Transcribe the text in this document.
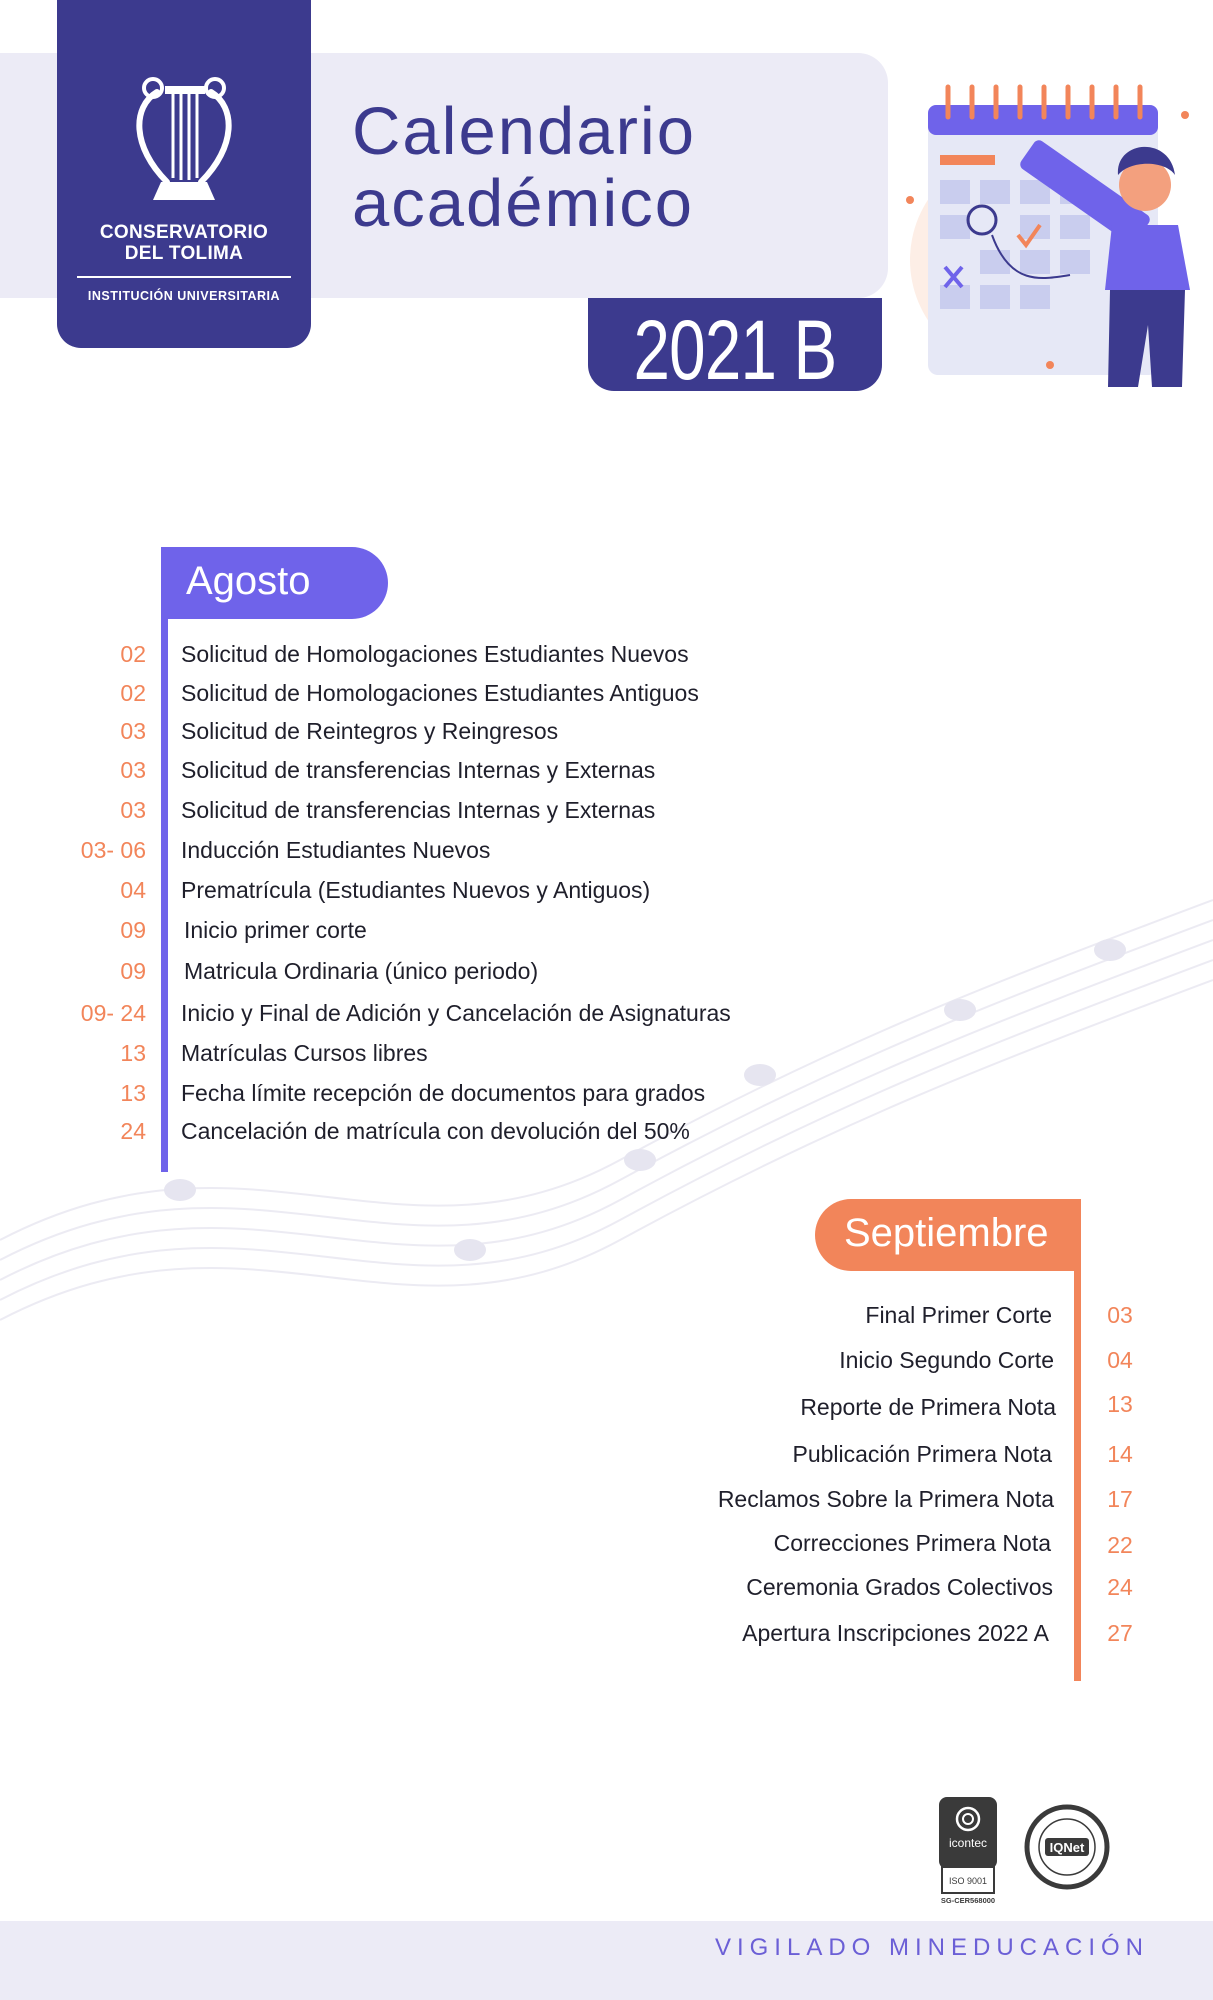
CONSERVATORIO
DEL TOLIMA
INSTITUCIÓN UNIVERSITARIA
Calendario
académico
2021 B
Agosto
02 Solicitud de Homologaciones Estudiantes Nuevos
02 Solicitud de Homologaciones Estudiantes Antiguos
03 Solicitud de Reintegros y Reingresos
03 Solicitud de transferencias Internas y Externas
03 Solicitud de transferencias Internas y Externas
03- 06 Inducción Estudiantes Nuevos
04 Prematrícula (Estudiantes Nuevos y Antiguos)
09 Inicio primer corte
09 Matricula Ordinaria (único periodo)
09- 24 Inicio y Final de Adición y Cancelación de Asignaturas
13 Matrículas Cursos libres
13 Fecha límite recepción de documentos para grados
24 Cancelación de matrícula con devolución del 50%
Septiembre
Final Primer Corte	03
Inicio Segundo Corte	04
Reporte de Primera Nota	13
Publicación Primera Nota	14
Reclamos Sobre la Primera Nota	17
Correcciones Primera Nota	22
Ceremonia Grados Colectivos	24
Apertura Inscripciones 2022 A	27
icontec
ISO 9001
SG-CER568000
IQNet
VIGILADO MINEDUCACIÓN
